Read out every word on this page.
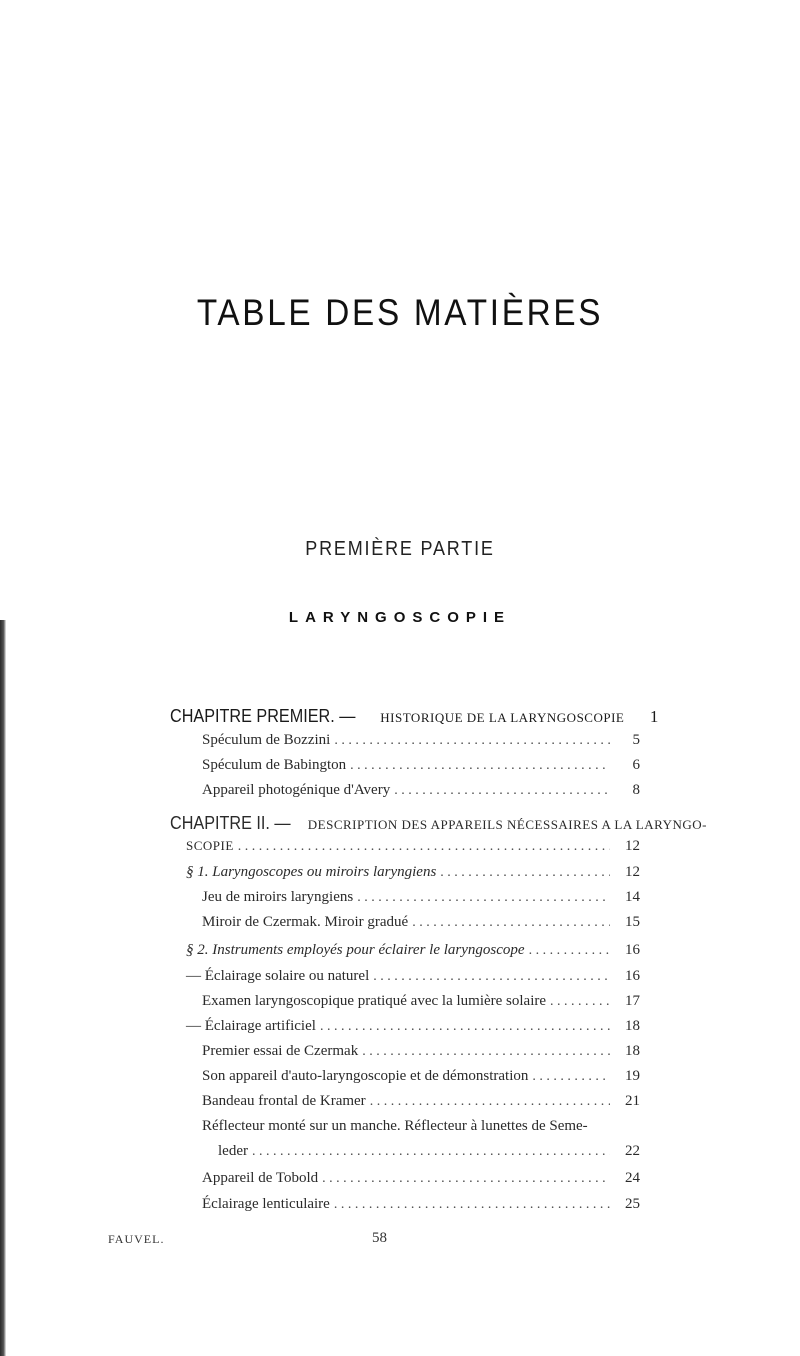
TABLE DES MATIÈRES
PREMIÈRE PARTIE
LARYNGOSCOPIE
CHAPITRE PREMIER. — HISTORIQUE DE LA LARYNGOSCOPIE	1
Spéculum de Bozzini . . .	5
Spéculum de Babington . . .	6
Appareil photogénique d'Avery . . .	8
CHAPITRE II. — DESCRIPTION DES APPAREILS NÉCESSAIRES A LA LARYNGO-
SCOPIE . . .	12
§ 1. Laryngoscopes ou miroirs laryngiens . . .	12
Jeu de miroirs laryngiens . . .	14
Miroir de Czermak. Miroir gradué . . .	15
§ 2. Instruments employés pour éclairer le laryngoscope . . .	16
— Éclairage solaire ou naturel . . .	16
Examen laryngoscopique pratiqué avec la lumière solaire . . .	17
— Éclairage artificiel . . .	18
Premier essai de Czermak . . .	18
Son appareil d'auto-laryngoscopie et de démonstration . . .	19
Bandeau frontal de Kramer . . .	21
Réflecteur monté sur un manche. Réflecteur à lunettes de Seme-
leder . . .	22
Appareil de Tobold . . .	24
Éclairage lenticulaire . . .	25
FAUVEL.	58
